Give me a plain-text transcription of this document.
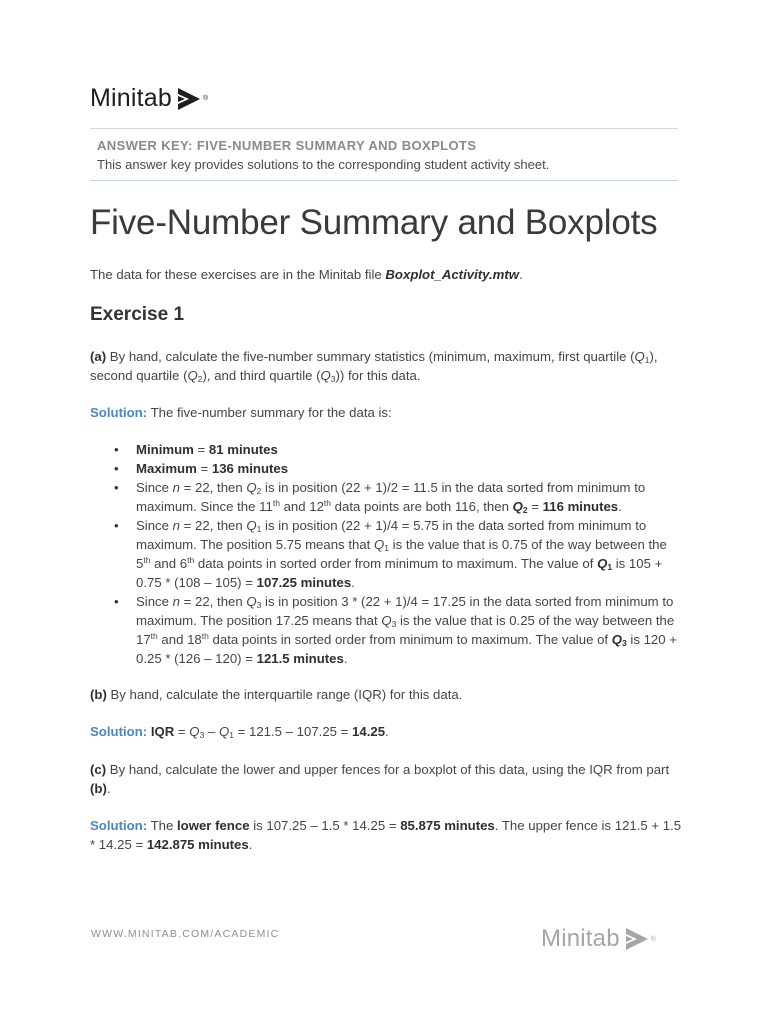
Minitab	®
ANSWER KEY: FIVE-NUMBER SUMMARY AND BOXPLOTS
This answer key provides solutions to the corresponding student activity sheet.
Five-Number Summary and Boxplots
The data for these exercises are in the Minitab file Boxplot_Activity.mtw.
Exercise 1
(a) By hand, calculate the five-number summary statistics (minimum, maximum, first quartile $(Q_1)$, second quartile $(Q_2)$, and third quartile $(Q_3)$) for this data.
Solution: The five-number summary for the data is:
• Minimum = 81 minutes
• Maximum = 136 minutes
• Since n = 22, then $Q_2$ is in position (22 + 1)/2 = 11.5 in the data sorted from minimum to maximum. Since the 11th and 12th data points are both 116, then $Q_2 = 116$ minutes.
• Since n = 22, then $Q_1$ is in position (22 + 1)/4 = 5.75 in the data sorted from minimum to maximum. The position 5.75 means that $Q_1$ is the value that is 0.75 of the way between the 5th and 6th data points in sorted order from minimum to maximum. The value of $Q_1$ is 105 + 0.75 * (108 – 105) = 107.25 minutes.
• Since n = 22, then $Q_3$ is in position 3 * (22 + 1)/4 = 17.25 in the data sorted from minimum to maximum. The position 17.25 means that $Q_3$ is the value that is 0.25 of the way between the 17th and 18th data points in sorted order from minimum to maximum. The value of $Q_3$ is 120 + 0.25 * (126 – 120) = 121.5 minutes.
(b) By hand, calculate the interquartile range (IQR) for this data.
Solution: IQR = $Q_3 - Q_1 = 121.5 - 107.25 = 14.25$.
(c) By hand, calculate the lower and upper fences for a boxplot of this data, using the IQR from part (b).
Solution: The lower fence is 107.25 – 1.5 * 14.25 = 85.875 minutes. The upper fence is 121.5 + 1.5 * 14.25 = 142.875 minutes.
WWW.MINITAB.COM/ACADEMIC	Minitab	®
